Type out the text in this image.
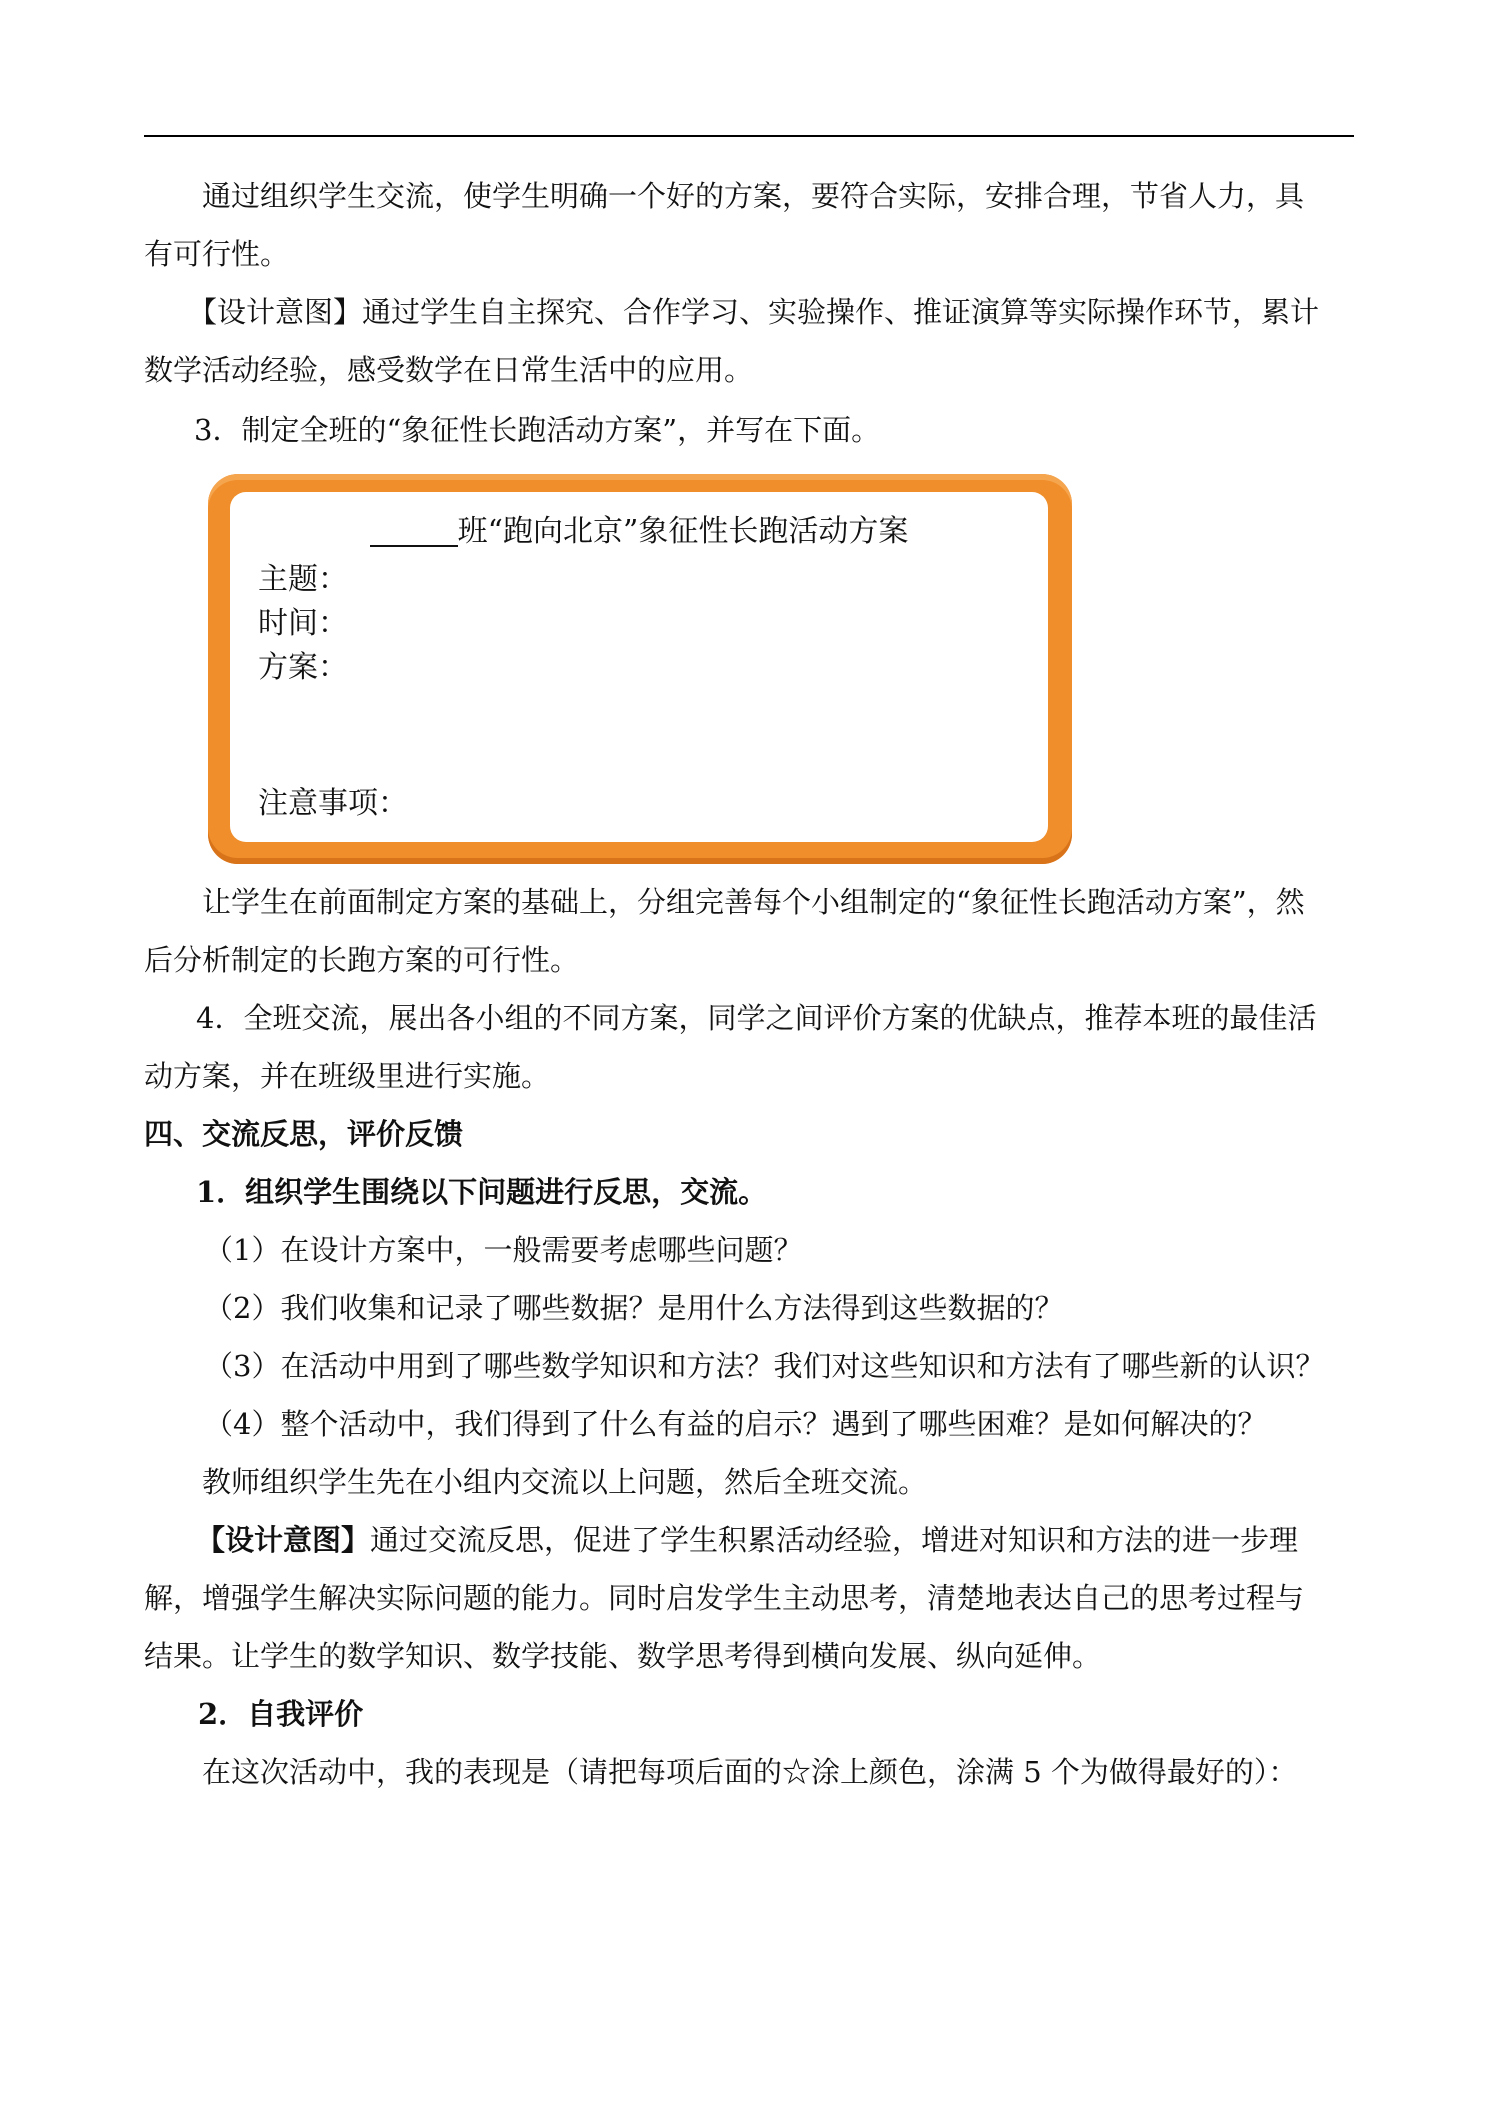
通过组织学生交流，使学生明确一个好的方案，要符合实际，安排合理，节省人力，具
有可行性。
【设计意图】通过学生自主探究、合作学习、实验操作、推证演算等实际操作环节，累计
数学活动经验，感受数学在日常生活中的应用。
3．制定全班的“象征性长跑活动方案”，并写在下面。
班“跑向北京”象征性长跑活动方案
主题：
时间：
方案：
注意事项：
让学生在前面制定方案的基础上，分组完善每个小组制定的“象征性长跑活动方案”，然
后分析制定的长跑方案的可行性。
4．全班交流，展出各小组的不同方案，同学之间评价方案的优缺点，推荐本班的最佳活
动方案，并在班级里进行实施。
四、交流反思，评价反馈
1．组织学生围绕以下问题进行反思，交流。
（1）在设计方案中，一般需要考虑哪些问题？
（2）我们收集和记录了哪些数据？是用什么方法得到这些数据的？
（3）在活动中用到了哪些数学知识和方法？我们对这些知识和方法有了哪些新的认识？
（4）整个活动中，我们得到了什么有益的启示？遇到了哪些困难？是如何解决的？
教师组织学生先在小组内交流以上问题，然后全班交流。
【设计意图】通过交流反思，促进了学生积累活动经验，增进对知识和方法的进一步理
解，增强学生解决实际问题的能力。同时启发学生主动思考，清楚地表达自己的思考过程与
结果。让学生的数学知识、数学技能、数学思考得到横向发展、纵向延伸。
2．自我评价
在这次活动中，我的表现是（请把每项后面的☆涂上颜色，涂满 5 个为做得最好的）：
